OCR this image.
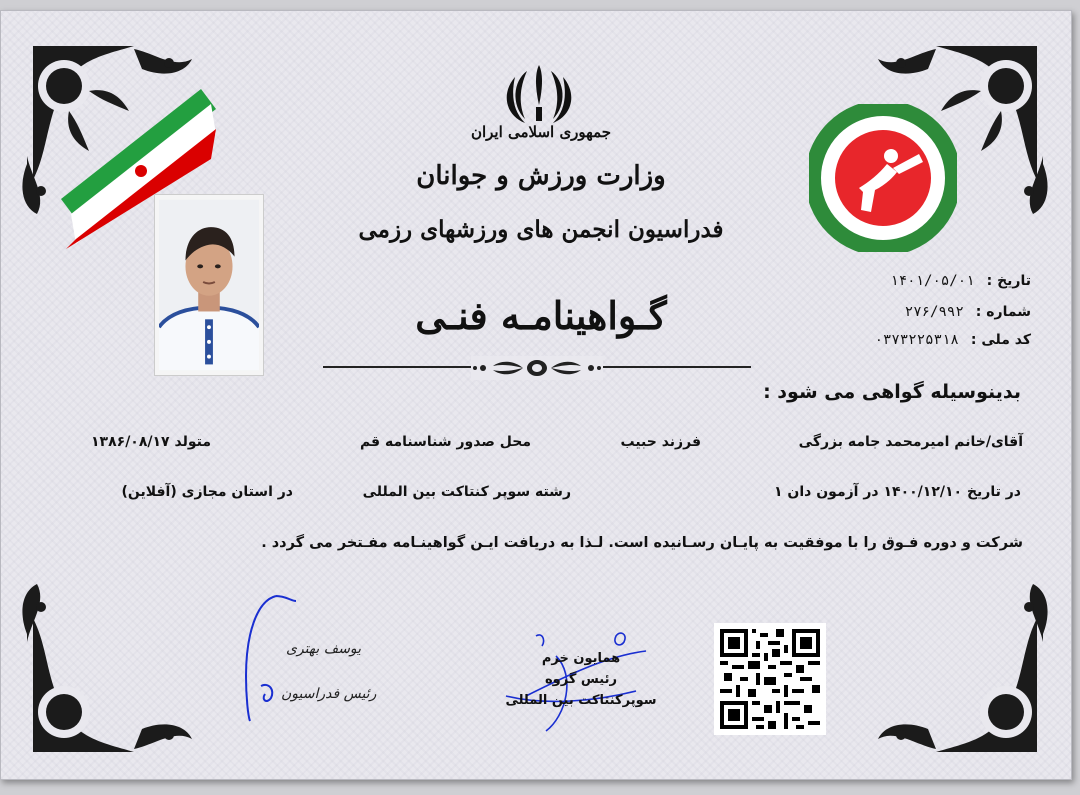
جمهوری اسلامی ایران
وزارت ورزش و جوانان
فدراسیون انجمن های ورزشهای رزمی
گـواهینامـه فنـی
تاریخ :
۱۴۰۱/۰۵/۰۱
شماره :
۲۷۶/۹۹۲
کد ملی :
۰۳۷۳۲۲۵۳۱۸
بدینوسیله گواهی می شود :
آقای/خانم امیرمحمد جامه بزرگی
فرزند حبیب
محل صدور شناسنامه قم
متولد ۱۳۸۶/۰۸/۱۷
در تاریخ ۱۴۰۰/۱۲/۱۰ در آزمون دان ۱
رشته سوپر کنتاکت بین المللی
در استان مجازی (آفلاین)
شرکت و دوره فـوق را با موفقیت به پایـان رسـانیده است. لـذا به دریافت ایـن گواهینـامه مفـتخر می گردد .
یوسف بهتری
رئیس فدراسیون
همایون خرم
رئیس گروه
سوپرکنتاکت بین المللی
